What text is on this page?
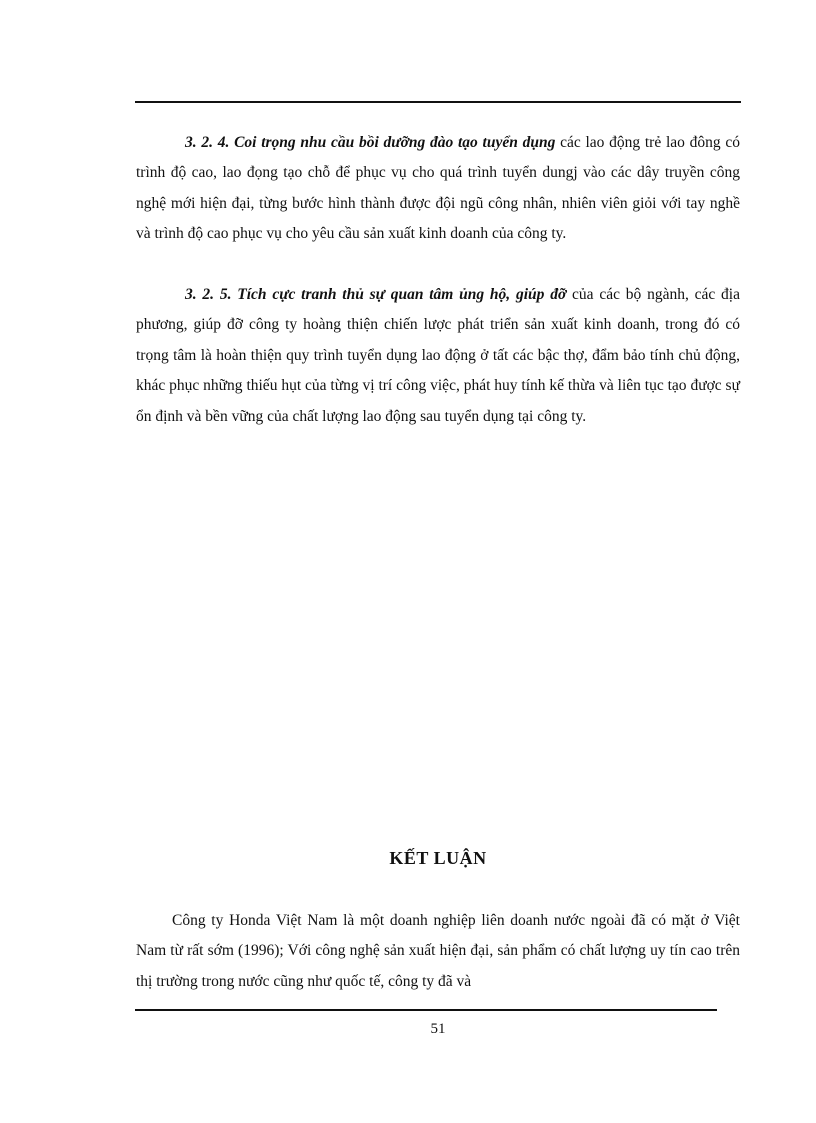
3. 2. 4. Coi trọng nhu cầu bồi dưỡng đào tạo tuyển dụng các lao động trẻ lao đông có trình độ cao, lao đọng tạo chỗ để phục vụ cho quá trình tuyển dungj vào các dây truyền công nghệ mới hiện đại, từng bước hình thành được đội ngũ công nhân, nhiên viên giỏi với tay nghề và trình độ cao phục vụ cho yêu cầu sản xuất kinh doanh của công ty.

3. 2. 5. Tích cực tranh thủ sự quan tâm ủng hộ, giúp đỡ của các bộ ngành, các địa phương, giúp đỡ công ty hoàng thiện chiến lược phát triển sản xuất kinh doanh, trong đó có trọng tâm là hoàn thiện quy trình tuyển dụng lao động ở tất các bậc thợ, đẩm bảo tính chủ động, khác phục những thiếu hụt của từng vị trí công việc, phát huy tính kế thừa và liên tục tạo được sự ổn định và bền vững của chất lượng lao động sau tuyển dụng tại công ty.

KẾT LUẬN

Công ty Honda Việt Nam là một doanh nghiệp liên doanh nước ngoài đã có mặt ở Việt Nam từ rất sớm (1996); Với công nghệ sản xuất hiện đại, sản phẩm có chất lượng uy tín cao trên thị trường trong nước cũng như quốc tế, công ty đã và

51
